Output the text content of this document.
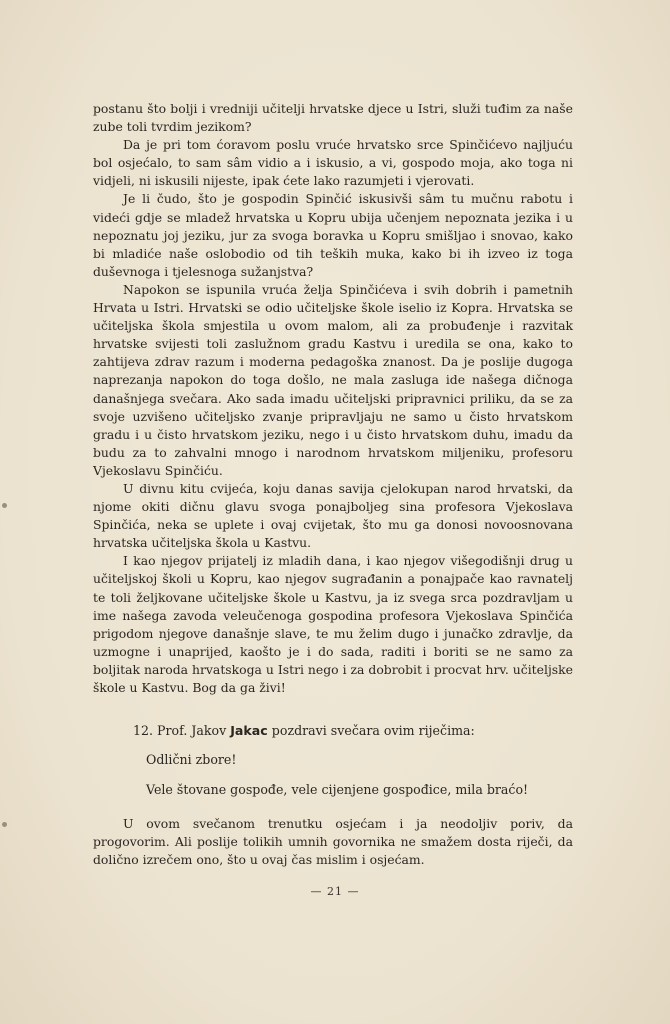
postanu što bolji i vredniji učitelji hrvatske djece u Istri, služi tuđim za naše zube toli tvrdim jezikom?

Da je pri tom ćoravom poslu vruće hrvatsko srce Spinčićevo najljuću bol osjećalo, to sam sâm vidio a i iskusio, a vi, gospodo moja, ako toga ni vidjeli, ni iskusili nijeste, ipak ćete lako razumjeti i vjerovati.

Je li čudo, što je gospodin Spinčić iskusivši sâm tu mučnu rabotu i videći gdje se mladež hrvatska u Kopru ubija učenjem nepoznata jezika i u nepoznatu joj jeziku, jur za svoga boravka u Kopru smišljao i snovao, kako bi mladiće naše oslobodio od tih teških muka, kako bi ih izveo iz toga duševnoga i tjelesnoga sužanjstva?

Napokon se ispunila vruća želja Spinčićeva i svih dobrih i pametnih Hrvata u Istri. Hrvatski se odio učiteljske škole iselio iz Kopra. Hrvatska se učiteljska škola smjestila u ovom malom, ali za probuđenje i razvitak hrvatske svijesti toli zaslužnom gradu Kastvu i uredila se ona, kako to zahtijeva zdrav razum i moderna pedagoška znanost. Da je poslije dugoga naprezanja napokon do toga došlo, ne mala zasluga ide našega dičnoga današnjega svečara. Ako sada imadu učiteljski pripravnici priliku, da se za svoje uzvišeno učiteljsko zvanje pripravljaju ne samo u čisto hrvatskom gradu i u čisto hrvatskom jeziku, nego i u čisto hrvatskom duhu, imadu da budu za to zahvalni mnogo i narodnom hrvatskom miljeniku, profesoru Vjekoslavu Spinčiću.

U divnu kitu cvijeća, koju danas savija cjelokupan narod hrvatski, da njome okiti dičnu glavu svoga ponajboljeg sina profesora Vjekoslava Spinčića, neka se uplete i ovaj cvijetak, što mu ga donosi novoosnovana hrvatska učiteljska škola u Kastvu.

I kao njegov prijatelj iz mladih dana, i kao njegov višegodišnji drug u učiteljskoj školi u Kopru, kao njegov sugrađanin a ponajpače kao ravnatelj te toli željkovane učiteljske škole u Kastvu, ja iz svega srca pozdravljam u ime našega zavoda veleučenoga gospodina profesora Vjekoslava Spinčića prigodom njegove današnje slave, te mu želim dugo i junačko zdravlje, da uzmogne i unaprijed, kaošto je i do sada, raditi i boriti se ne samo za boljitak naroda hrvatskoga u Istri nego i za dobrobit i procvat hrv. učiteljske škole u Kastvu. Bog da ga živi!

12. Prof. Jakov Jakac pozdravi svečara ovim riječima:
Odlični zbore!
Vele štovane gospođe, vele cijenjene gospođice, mila braćo!

U ovom svečanom trenutku osjećam i ja neodoljiv poriv, da progovorim. Ali poslije tolikih umnih govornika ne smažem dosta riječi, da dolično izrečem ono, što u ovaj čas mislim i osjećam.

— 21 —
